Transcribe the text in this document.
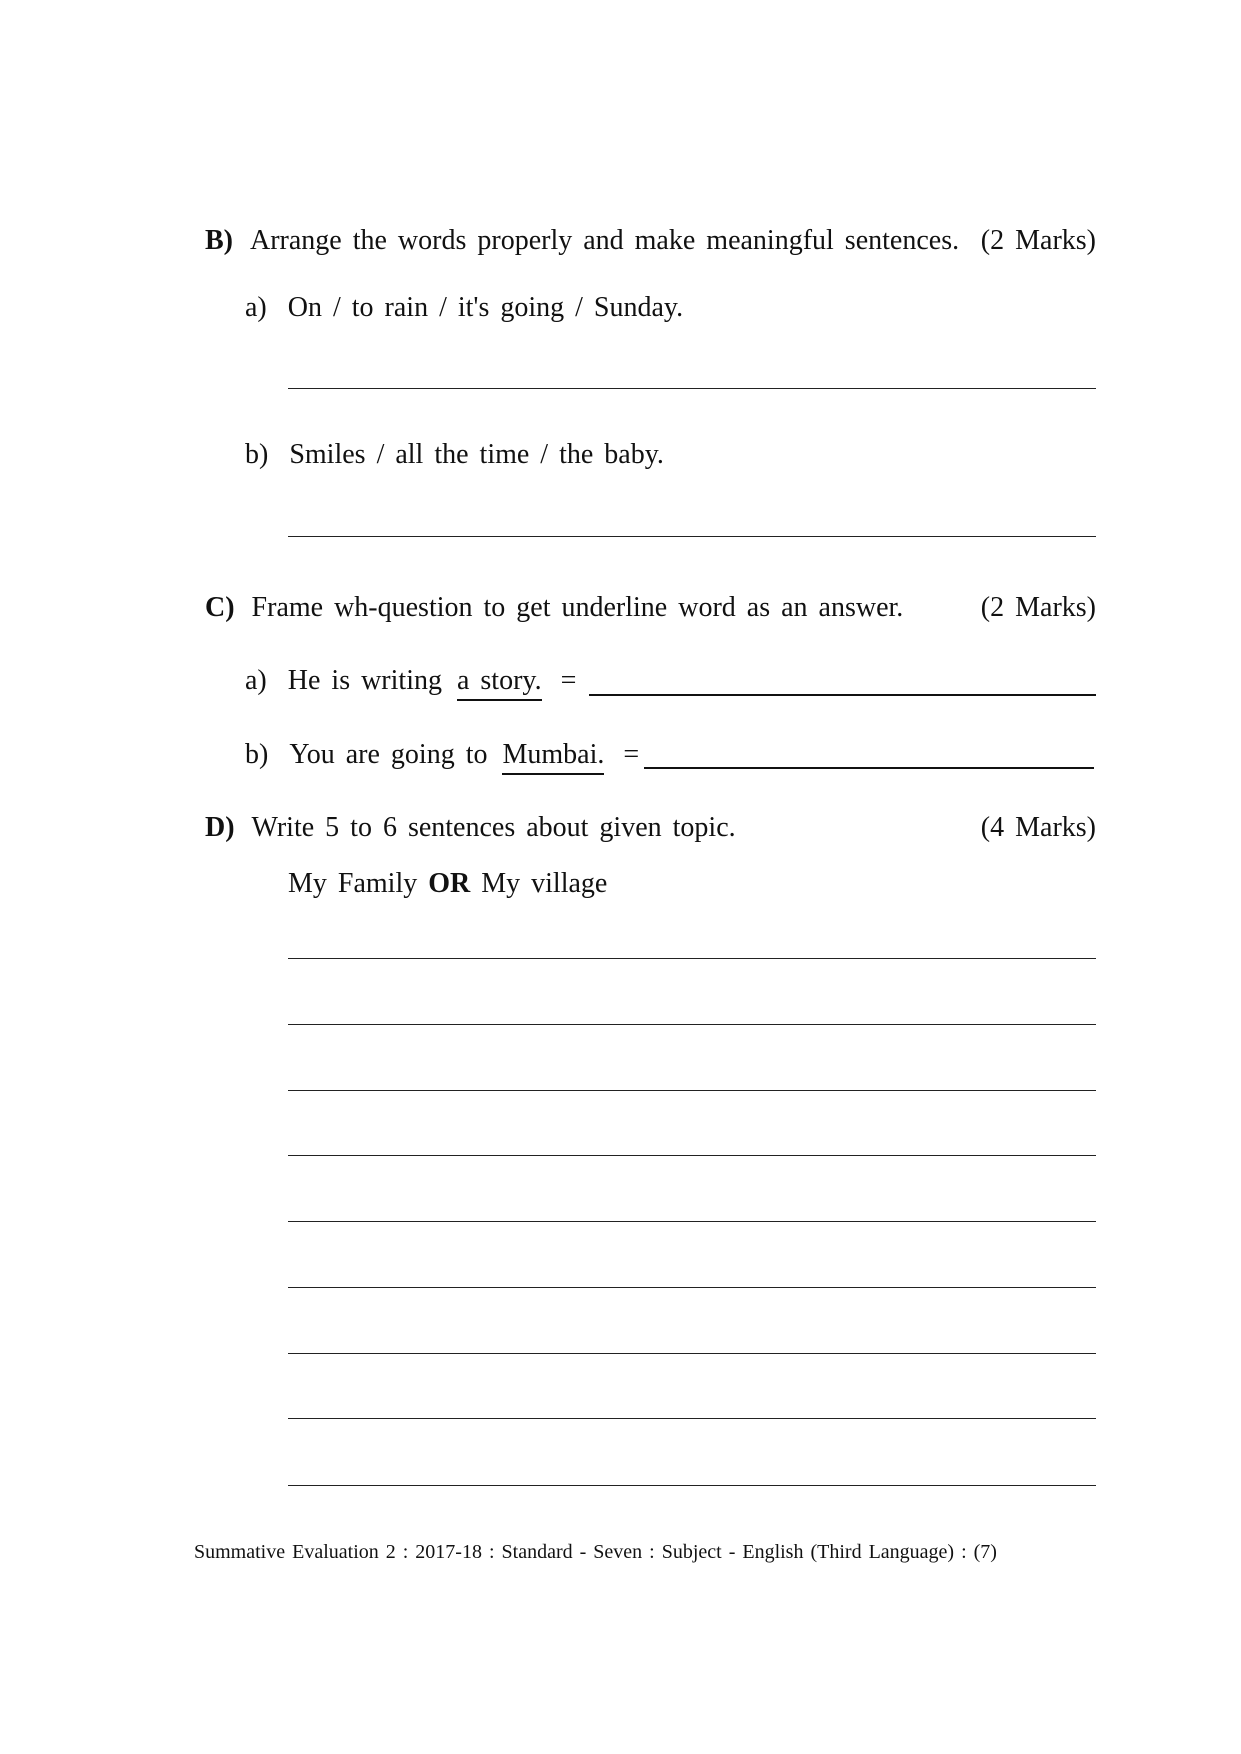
B) Arrange the words properly and make meaningful sentences. (2 Marks)
a) On / to rain / it's going / Sunday.
b) Smiles / all the time / the baby.
C) Frame wh-question to get underline word as an answer.	(2 Marks)
a) He is writing a story. =
b) You are going to Mumbai. =
D) Write 5 to 6 sentences about given topic.	(4 Marks)
My Family OR My village
Summative Evaluation 2 : 2017-18 : Standard - Seven : Subject - English (Third Language) : (7)
